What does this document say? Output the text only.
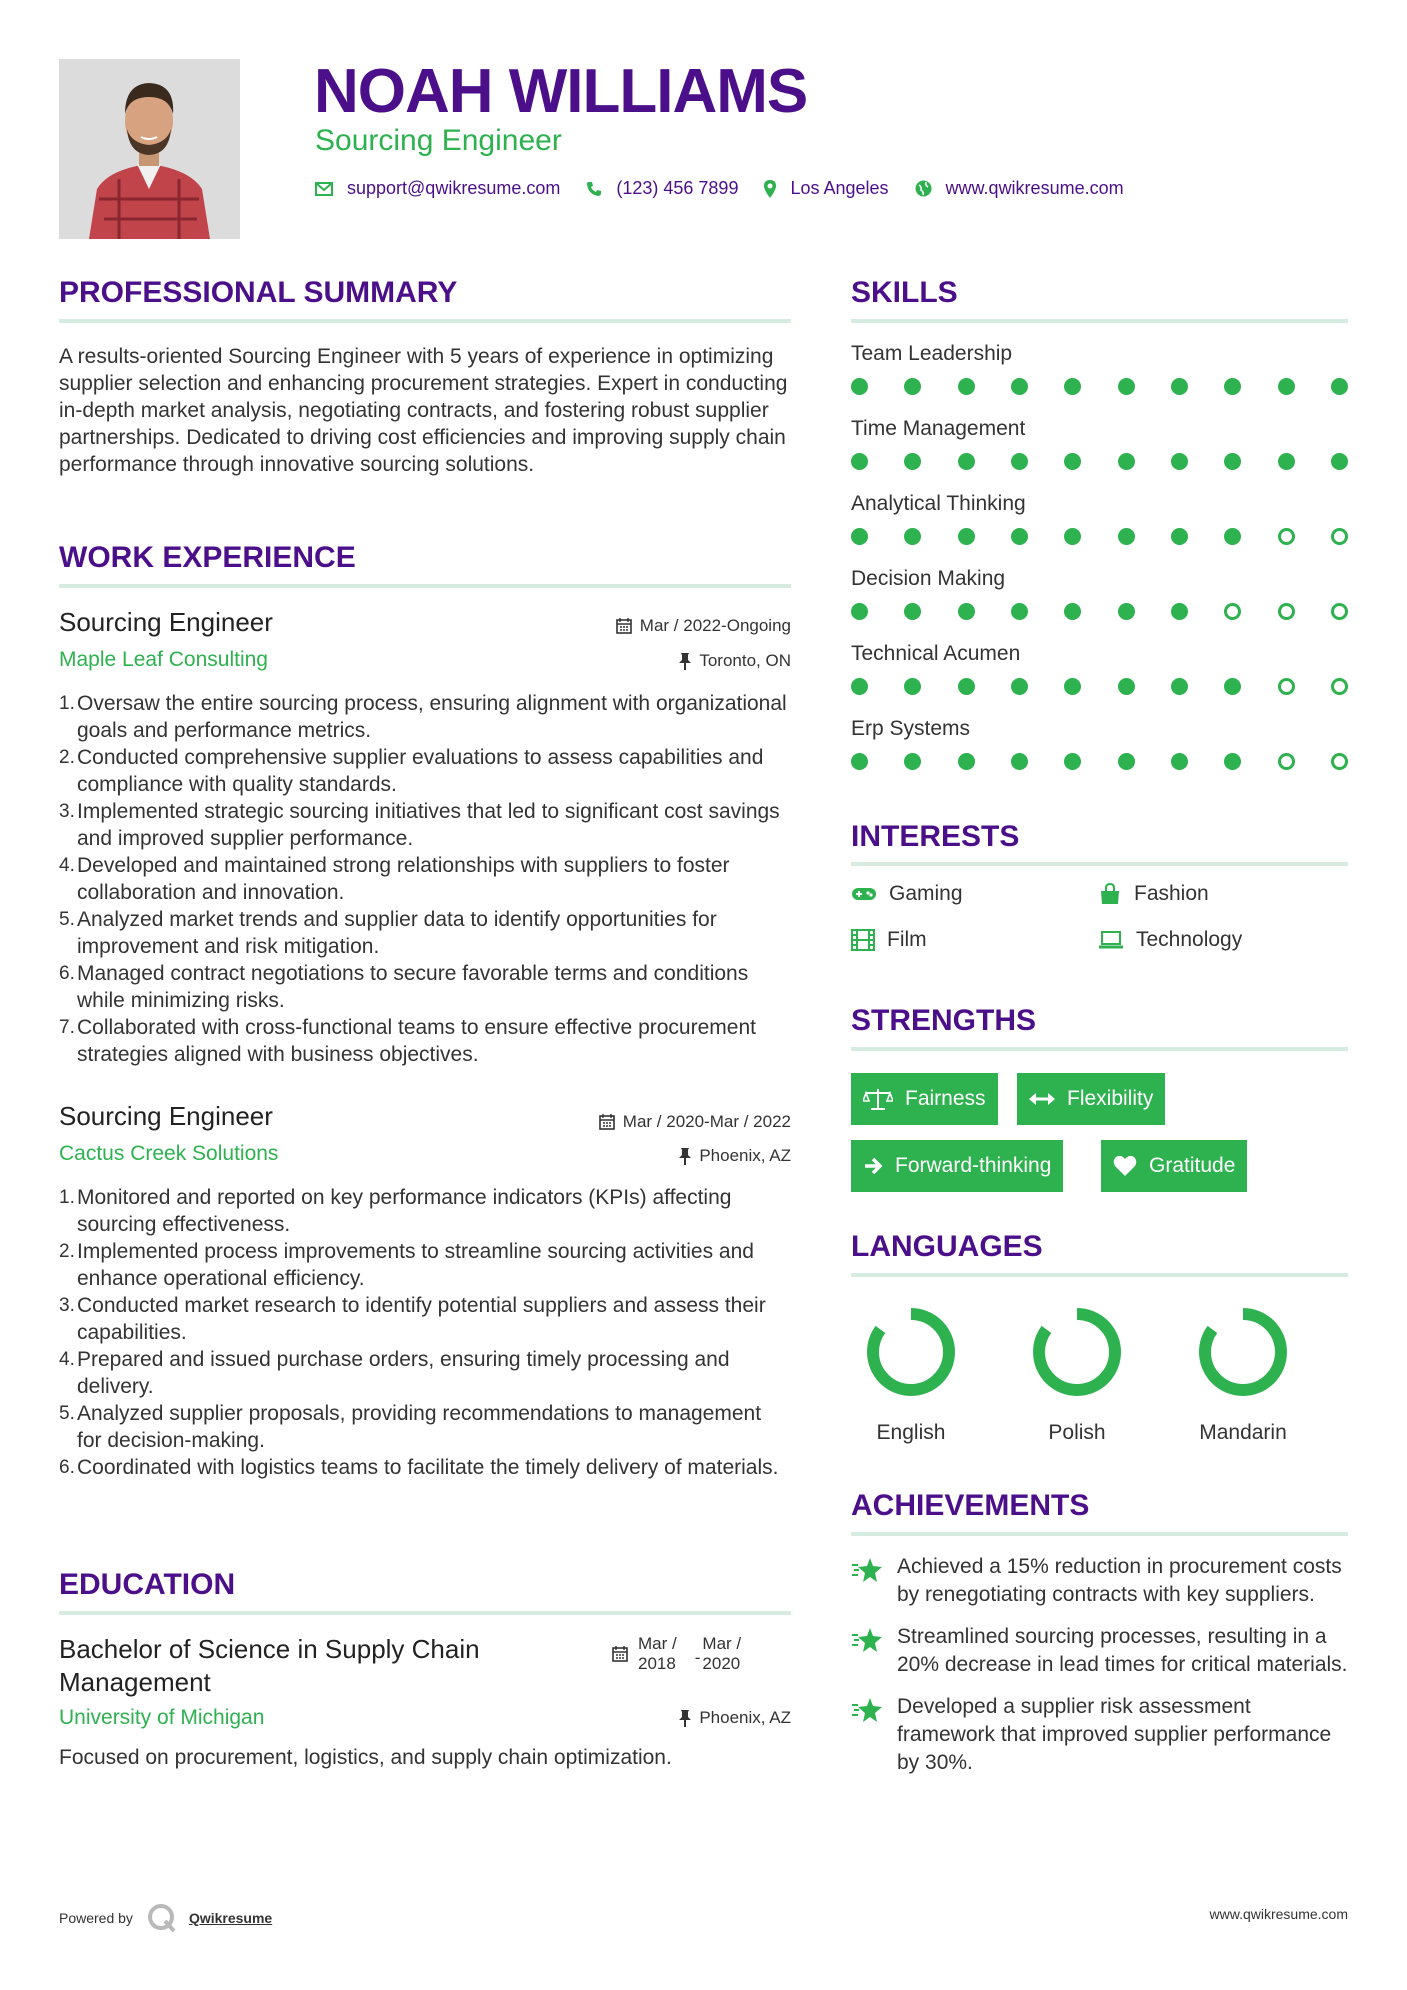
NOAH WILLIAMS
Sourcing Engineer
support@qwikresume.com	(123) 456 7899	Los Angeles	www.qwikresume.com
PROFESSIONAL SUMMARY
A results-oriented Sourcing Engineer with 5 years of experience in optimizing supplier selection and enhancing procurement strategies. Expert in conducting in-depth market analysis, negotiating contracts, and fostering robust supplier partnerships. Dedicated to driving cost efficiencies and improving supply chain performance through innovative sourcing solutions.
WORK EXPERIENCE
Sourcing Engineer	Mar / 2022-Ongoing
Maple Leaf Consulting	Toronto, ON
Oversaw the entire sourcing process, ensuring alignment with organizational goals and performance metrics.
Conducted comprehensive supplier evaluations to assess capabilities and compliance with quality standards.
Implemented strategic sourcing initiatives that led to significant cost savings and improved supplier performance.
Developed and maintained strong relationships with suppliers to foster collaboration and innovation.
Analyzed market trends and supplier data to identify opportunities for improvement and risk mitigation.
Managed contract negotiations to secure favorable terms and conditions while minimizing risks.
Collaborated with cross-functional teams to ensure effective procurement strategies aligned with business objectives.
Sourcing Engineer	Mar / 2020-Mar / 2022
Cactus Creek Solutions	Phoenix, AZ
Monitored and reported on key performance indicators (KPIs) affecting sourcing effectiveness.
Implemented process improvements to streamline sourcing activities and enhance operational efficiency.
Conducted market research to identify potential suppliers and assess their capabilities.
Prepared and issued purchase orders, ensuring timely processing and delivery.
Analyzed supplier proposals, providing recommendations to management for decision-making.
Coordinated with logistics teams to facilitate the timely delivery of materials.
EDUCATION
Bachelor of Science in Supply Chain Management
Mar /
2018 -
Mar /
2020
University of Michigan	Phoenix, AZ
Focused on procurement, logistics, and supply chain optimization.
SKILLS
Team Leadership
Time Management
Analytical Thinking
Decision Making
Technical Acumen
Erp Systems
INTERESTS
Gaming	Fashion
Film	Technology
STRENGTHS
Fairness	Flexibility
Forward-thinking	Gratitude
LANGUAGES
English	Polish	Mandarin
ACHIEVEMENTS
Achieved a 15% reduction in procurement costs by renegotiating contracts with key suppliers.
Streamlined sourcing processes, resulting in a 20% decrease in lead times for critical materials.
Developed a supplier risk assessment framework that improved supplier performance by 30%.
Powered by	Qwikresume	www.qwikresume.com
